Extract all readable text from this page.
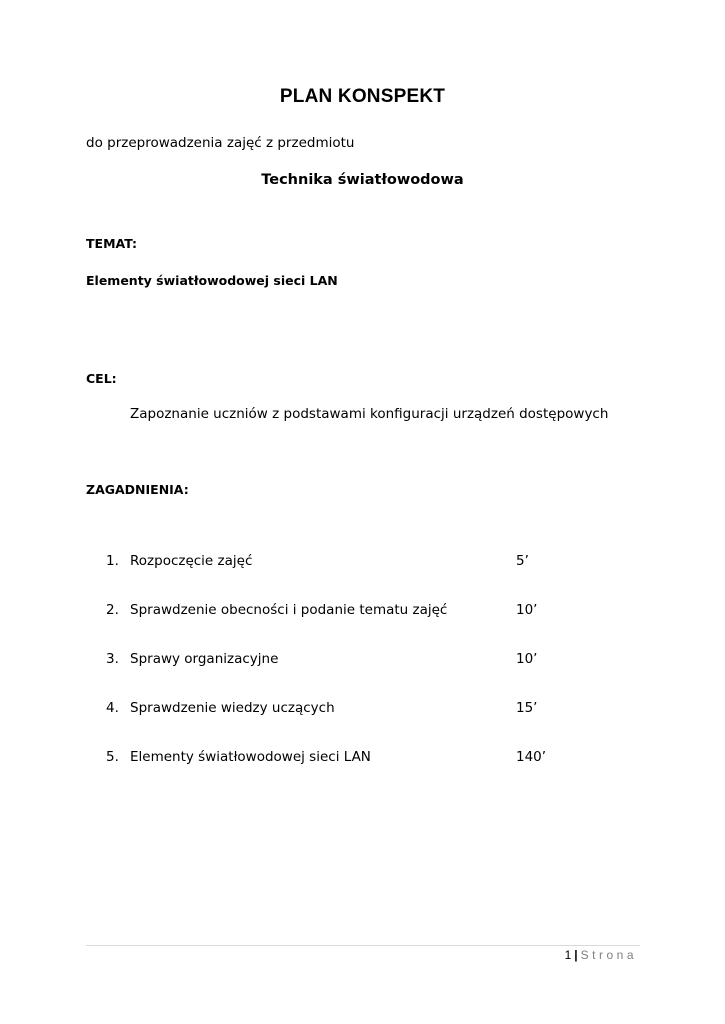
PLAN KONSPEKT
do przeprowadzenia zajęć z przedmiotu
Technika światłowodowa
TEMAT:
Elementy światłowodowej sieci LAN
CEL:
Zapoznanie uczniów z podstawami konfiguracji urządzeń dostępowych
ZAGADNIENIA:
1. Rozpoczęcie zajęć	5’
2. Sprawdzenie obecności i podanie tematu zajęć	10’
3. Sprawy organizacyjne	10’
4. Sprawdzenie wiedzy uczących	15’
5. Elementy światłowodowej sieci LAN	140’
1 | Strona
